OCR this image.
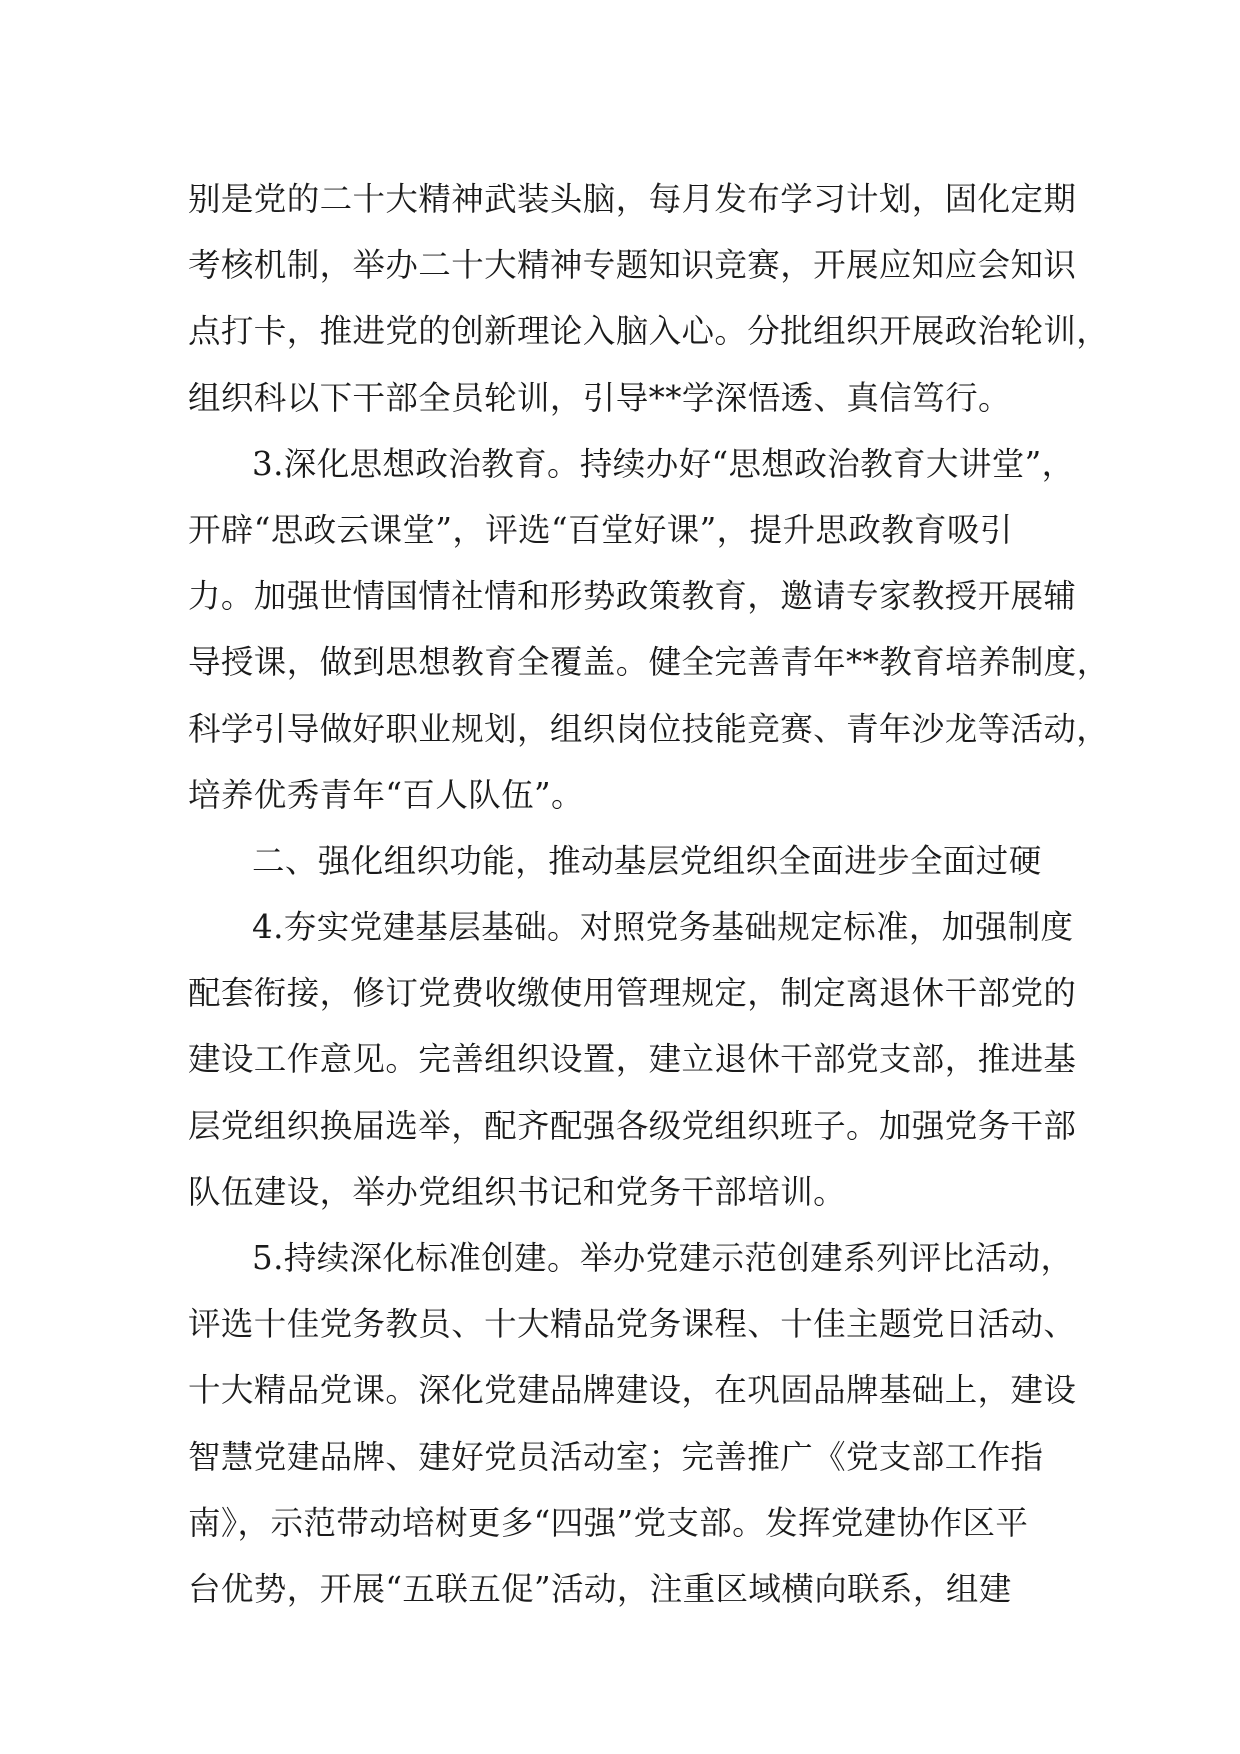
别是党的二十大精神武装头脑，每月发布学习计划，固化定期
考核机制，举办二十大精神专题知识竞赛，开展应知应会知识
点打卡，推进党的创新理论入脑入心。分批组织开展政治轮训，
组织科以下干部全员轮训，引导**学深悟透、真信笃行。
3.深化思想政治教育。持续办好“思想政治教育大讲堂”，
开辟“思政云课堂”，评选“百堂好课”，提升思政教育吸引
力。加强世情国情社情和形势政策教育，邀请专家教授开展辅
导授课，做到思想教育全覆盖。健全完善青年**教育培养制度，
科学引导做好职业规划，组织岗位技能竞赛、青年沙龙等活动，
培养优秀青年“百人队伍”。
二、强化组织功能，推动基层党组织全面进步全面过硬
4.夯实党建基层基础。对照党务基础规定标准，加强制度
配套衔接，修订党费收缴使用管理规定，制定离退休干部党的
建设工作意见。完善组织设置，建立退休干部党支部，推进基
层党组织换届选举，配齐配强各级党组织班子。加强党务干部
队伍建设，举办党组织书记和党务干部培训。
5.持续深化标准创建。举办党建示范创建系列评比活动，
评选十佳党务教员、十大精品党务课程、十佳主题党日活动、
十大精品党课。深化党建品牌建设，在巩固品牌基础上，建设
智慧党建品牌、建好党员活动室；完善推广《党支部工作指
南》，示范带动培树更多“四强”党支部。发挥党建协作区平
台优势，开展“五联五促”活动，注重区域横向联系，组建
